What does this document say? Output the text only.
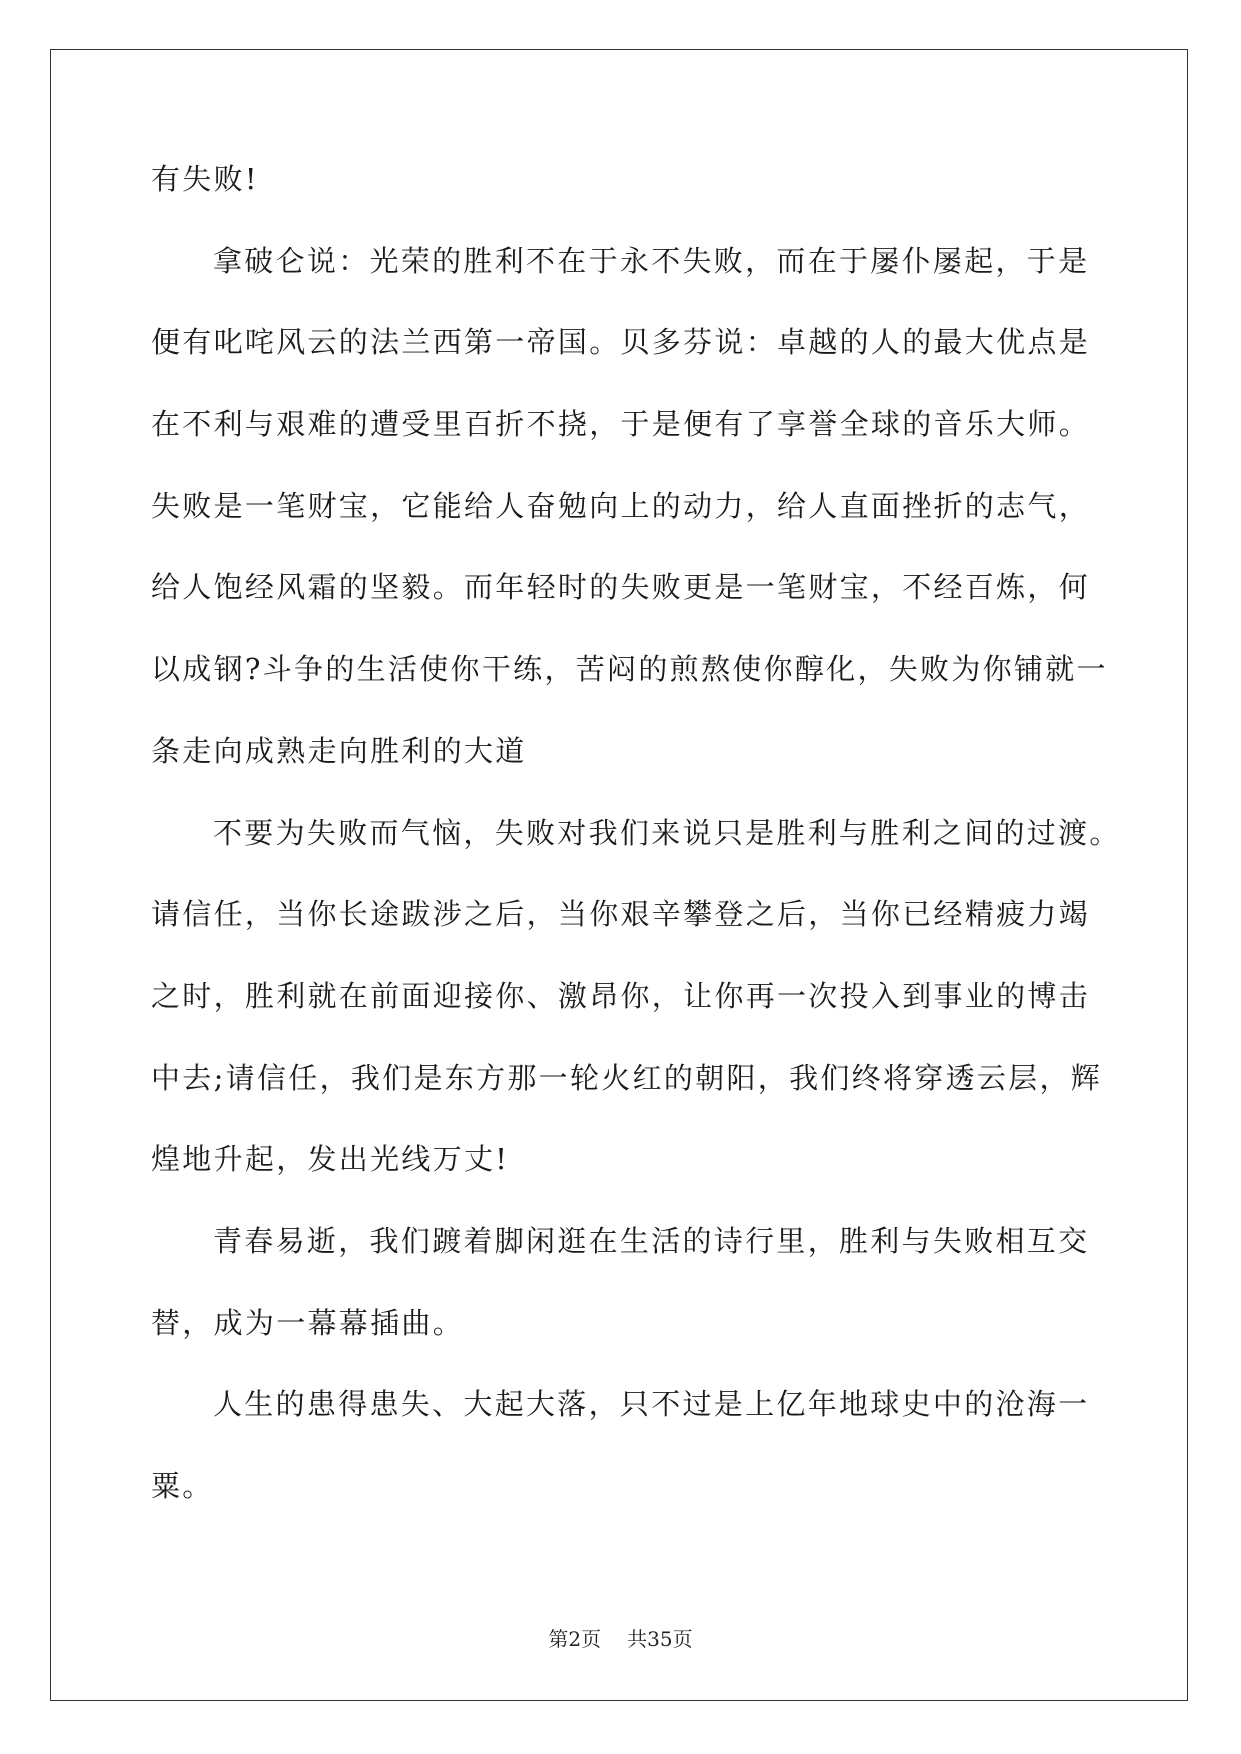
有失败!
拿破仑说：光荣的胜利不在于永不失败，而在于屡仆屡起，于是
便有叱咤风云的法兰西第一帝国。贝多芬说：卓越的人的最大优点是
在不利与艰难的遭受里百折不挠，于是便有了享誉全球的音乐大师。
失败是一笔财宝，它能给人奋勉向上的动力，给人直面挫折的志气，
给人饱经风霜的坚毅。而年轻时的失败更是一笔财宝，不经百炼，何
以成钢?斗争的生活使你干练，苦闷的煎熬使你醇化，失败为你铺就一
条走向成熟走向胜利的大道
不要为失败而气恼，失败对我们来说只是胜利与胜利之间的过渡。
请信任，当你长途跋涉之后，当你艰辛攀登之后，当你已经精疲力竭
之时，胜利就在前面迎接你、激昂你，让你再一次投入到事业的博击
中去;请信任，我们是东方那一轮火红的朝阳，我们终将穿透云层，辉
煌地升起，发出光线万丈!
青春易逝，我们踱着脚闲逛在生活的诗行里，胜利与失败相互交
替，成为一幕幕插曲。
人生的患得患失、大起大落，只不过是上亿年地球史中的沧海一
粟。
第2页 共35页
